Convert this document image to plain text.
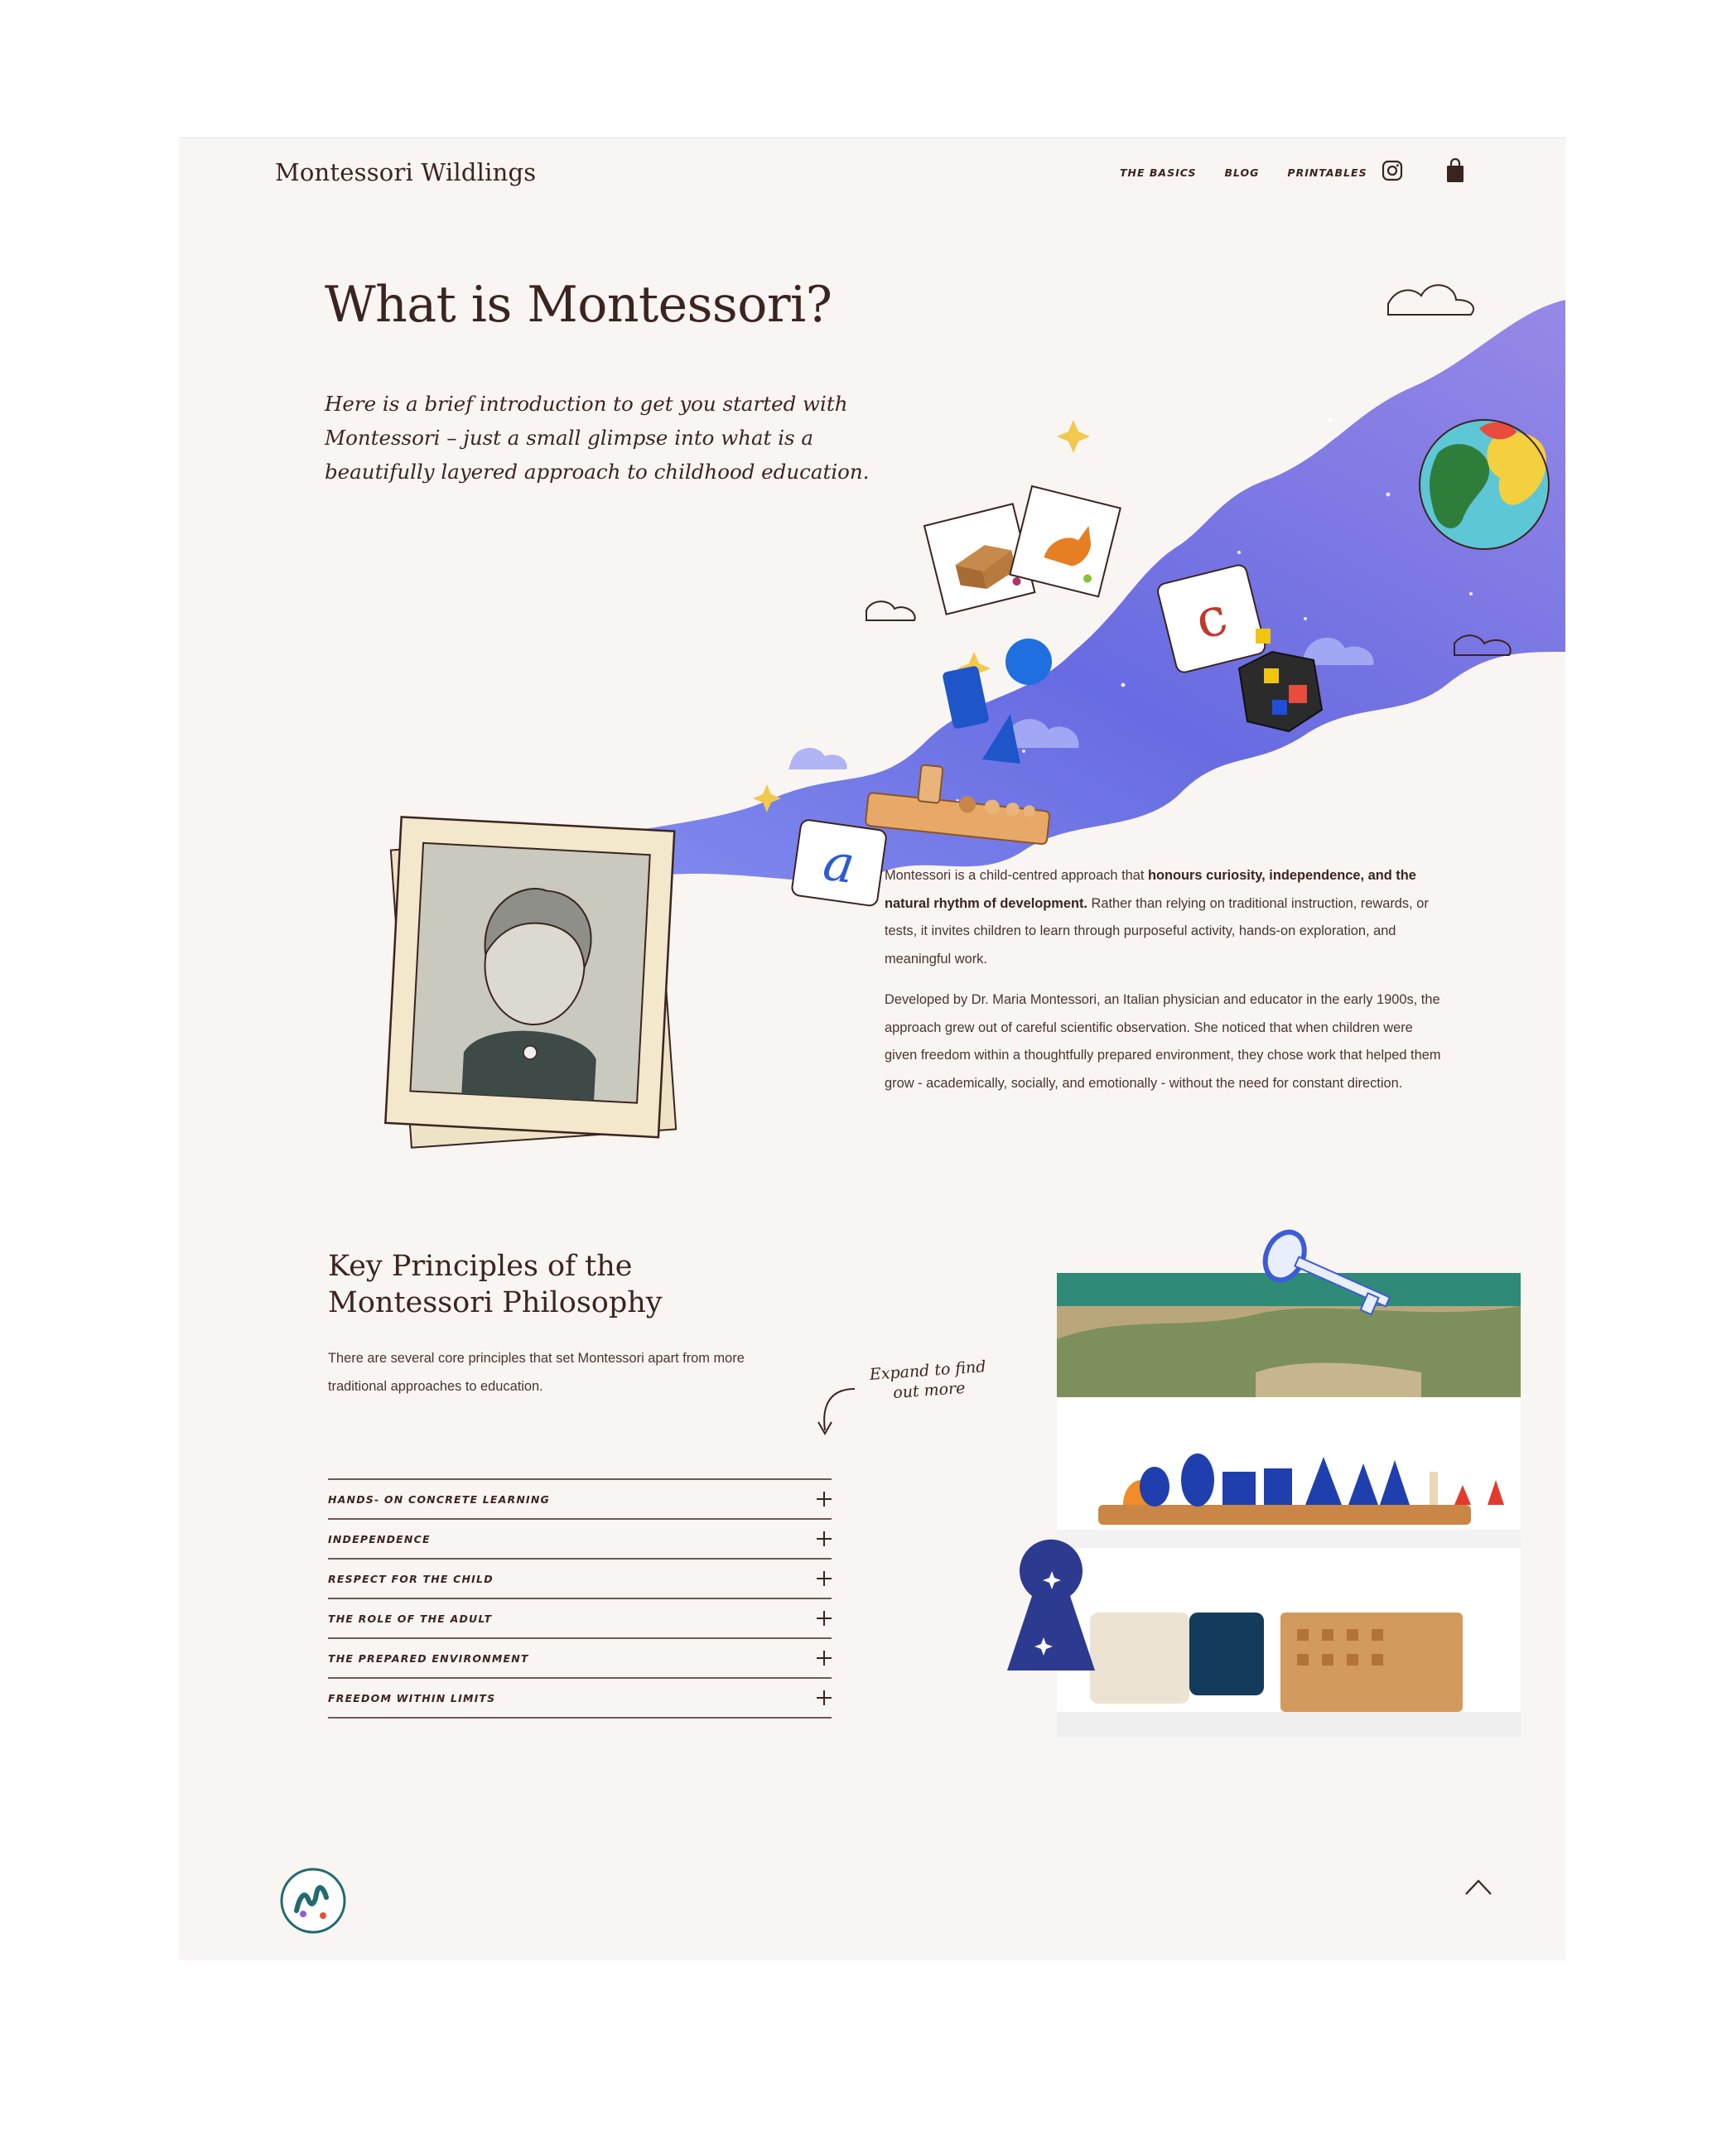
Montessori Wildlings	THE BASICS	BLOG	PRINTABLES
What is Montessori?

Here is a brief introduction to get you started with Montessori – just a small glimpse into what is a beautifully layered approach to childhood education.

c
a Montessori is a child-centred approach that honours curiosity, independence, and the natural rhythm of development. Rather than relying on traditional instruction, rewards, or tests, it invites children to learn through purposeful activity, hands-on exploration, and meaningful work.

Developed by Dr. Maria Montessori, an Italian physician and educator in the early 1900s, the approach grew out of careful scientific observation. She noticed that when children were given freedom within a thoughtfully prepared environment, they chose work that helped them grow - academically, socially, and emotionally - without the need for constant direction.

Key Principles of the
Montessori Philosophy

There are several core principles that set Montessori apart from more traditional approaches to education.

Expand to find
out more
HANDS- ON CONCRETE LEARNING
INDEPENDENCE
RESPECT FOR THE CHILD
THE ROLE OF THE ADULT
THE PREPARED ENVIRONMENT
FREEDOM WITHIN LIMITS
